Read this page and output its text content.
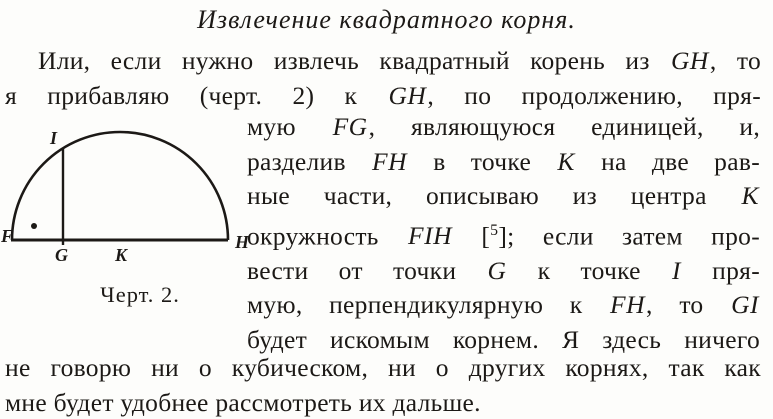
Извлечение квадратного корня.
Или, если нужно извлечь квадратный корень из GH, то
я прибавляю (черт. 2) к GH, по продолжению, пря-
F
G	K
H
I
Черт. 2.
мую FG, являющуюся единицей, и,
разделив FH в точке K на две рав-
ные части, описываю из центра K
окружность FIH [$^5$]; если затем про-
вести от точки G к точке I пря-
мую, перпендикулярную к FH, то GI
будет искомым корнем. Я здесь ничего
не говорю ни о кубическом, ни о других корнях, так как
мне будет удобнее рассмотреть их дальше.
